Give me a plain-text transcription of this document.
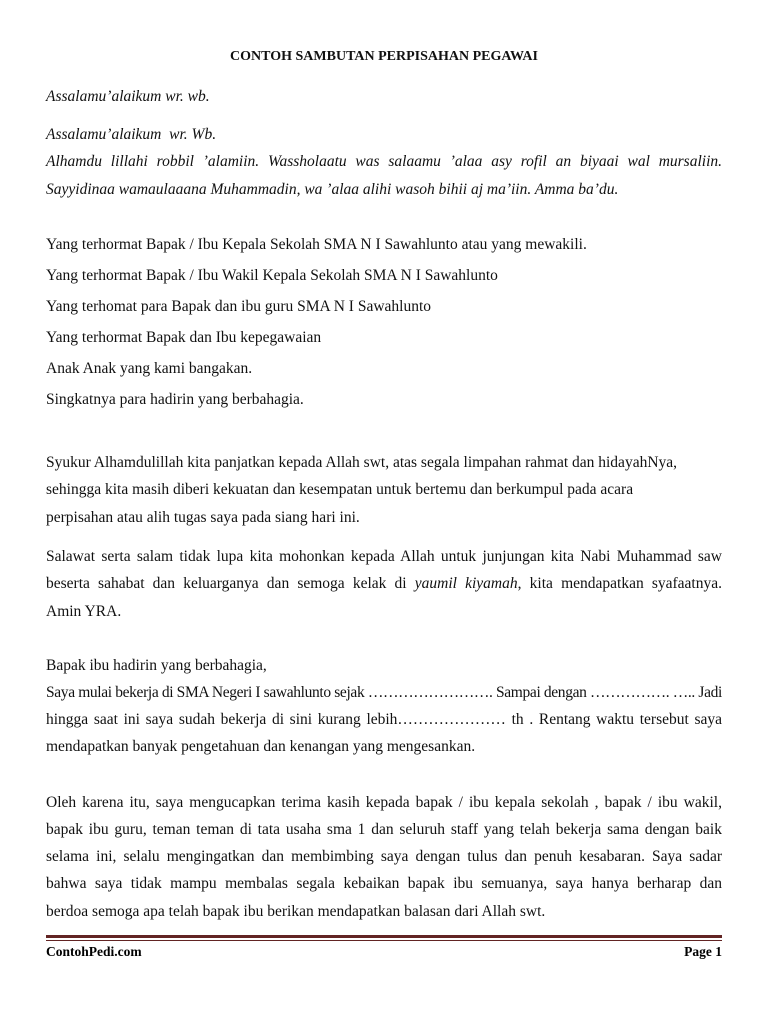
CONTOH SAMBUTAN PERPISAHAN PEGAWAI
Assalamu’alaikum wr. wb.
Assalamu’alaikum  wr. Wb.
Alhamdu lillahi robbil ’alamiin. Wassholaatu was salaamu ’alaa asy rofil an biyaai wal mursaliin.
Sayyidinaa wamaulaaana Muhammadin, wa ’alaa alihi wasoh bihii aj ma’iin. Amma ba’du.
Yang terhormat Bapak / Ibu Kepala Sekolah SMA N I Sawahlunto atau yang mewakili.
Yang terhormat Bapak / Ibu Wakil Kepala Sekolah SMA N I Sawahlunto
Yang terhomat para Bapak dan ibu guru SMA N I Sawahlunto
Yang terhormat Bapak dan Ibu kepegawaian
Anak Anak yang kami bangakan.
Singkatnya para hadirin yang berbahagia.
Syukur Alhamdulillah kita panjatkan kepada Allah swt, atas segala limpahan rahmat dan hidayahNya,
sehingga kita masih diberi kekuatan dan kesempatan untuk bertemu dan berkumpul pada acara
perpisahan atau alih tugas saya pada siang hari ini.
Salawat serta salam tidak lupa kita mohonkan kepada Allah untuk junjungan kita Nabi Muhammad saw
beserta sahabat dan keluarganya dan semoga kelak di yaumil kiyamah, kita mendapatkan syafaatnya.
Amin YRA.
Bapak ibu hadirin yang berbahagia,
Saya mulai bekerja di SMA Negeri I sawahlunto sejak ……………………. Sampai dengan ……………. ….. Jadi
hingga saat ini saya sudah bekerja di sini kurang lebih………………… th . Rentang waktu tersebut saya
mendapatkan banyak pengetahuan dan kenangan yang mengesankan.
Oleh karena itu, saya mengucapkan terima kasih kepada bapak / ibu kepala sekolah , bapak / ibu wakil,
bapak ibu guru, teman teman di tata usaha sma 1 dan seluruh staff yang telah bekerja sama dengan baik
selama ini, selalu mengingatkan dan membimbing saya dengan tulus dan penuh kesabaran. Saya sadar
bahwa saya tidak mampu membalas segala kebaikan bapak ibu semuanya, saya hanya berharap dan
berdoa semoga apa telah bapak ibu berikan mendapatkan balasan dari Allah swt.
ContohPedi.com	Page 1
